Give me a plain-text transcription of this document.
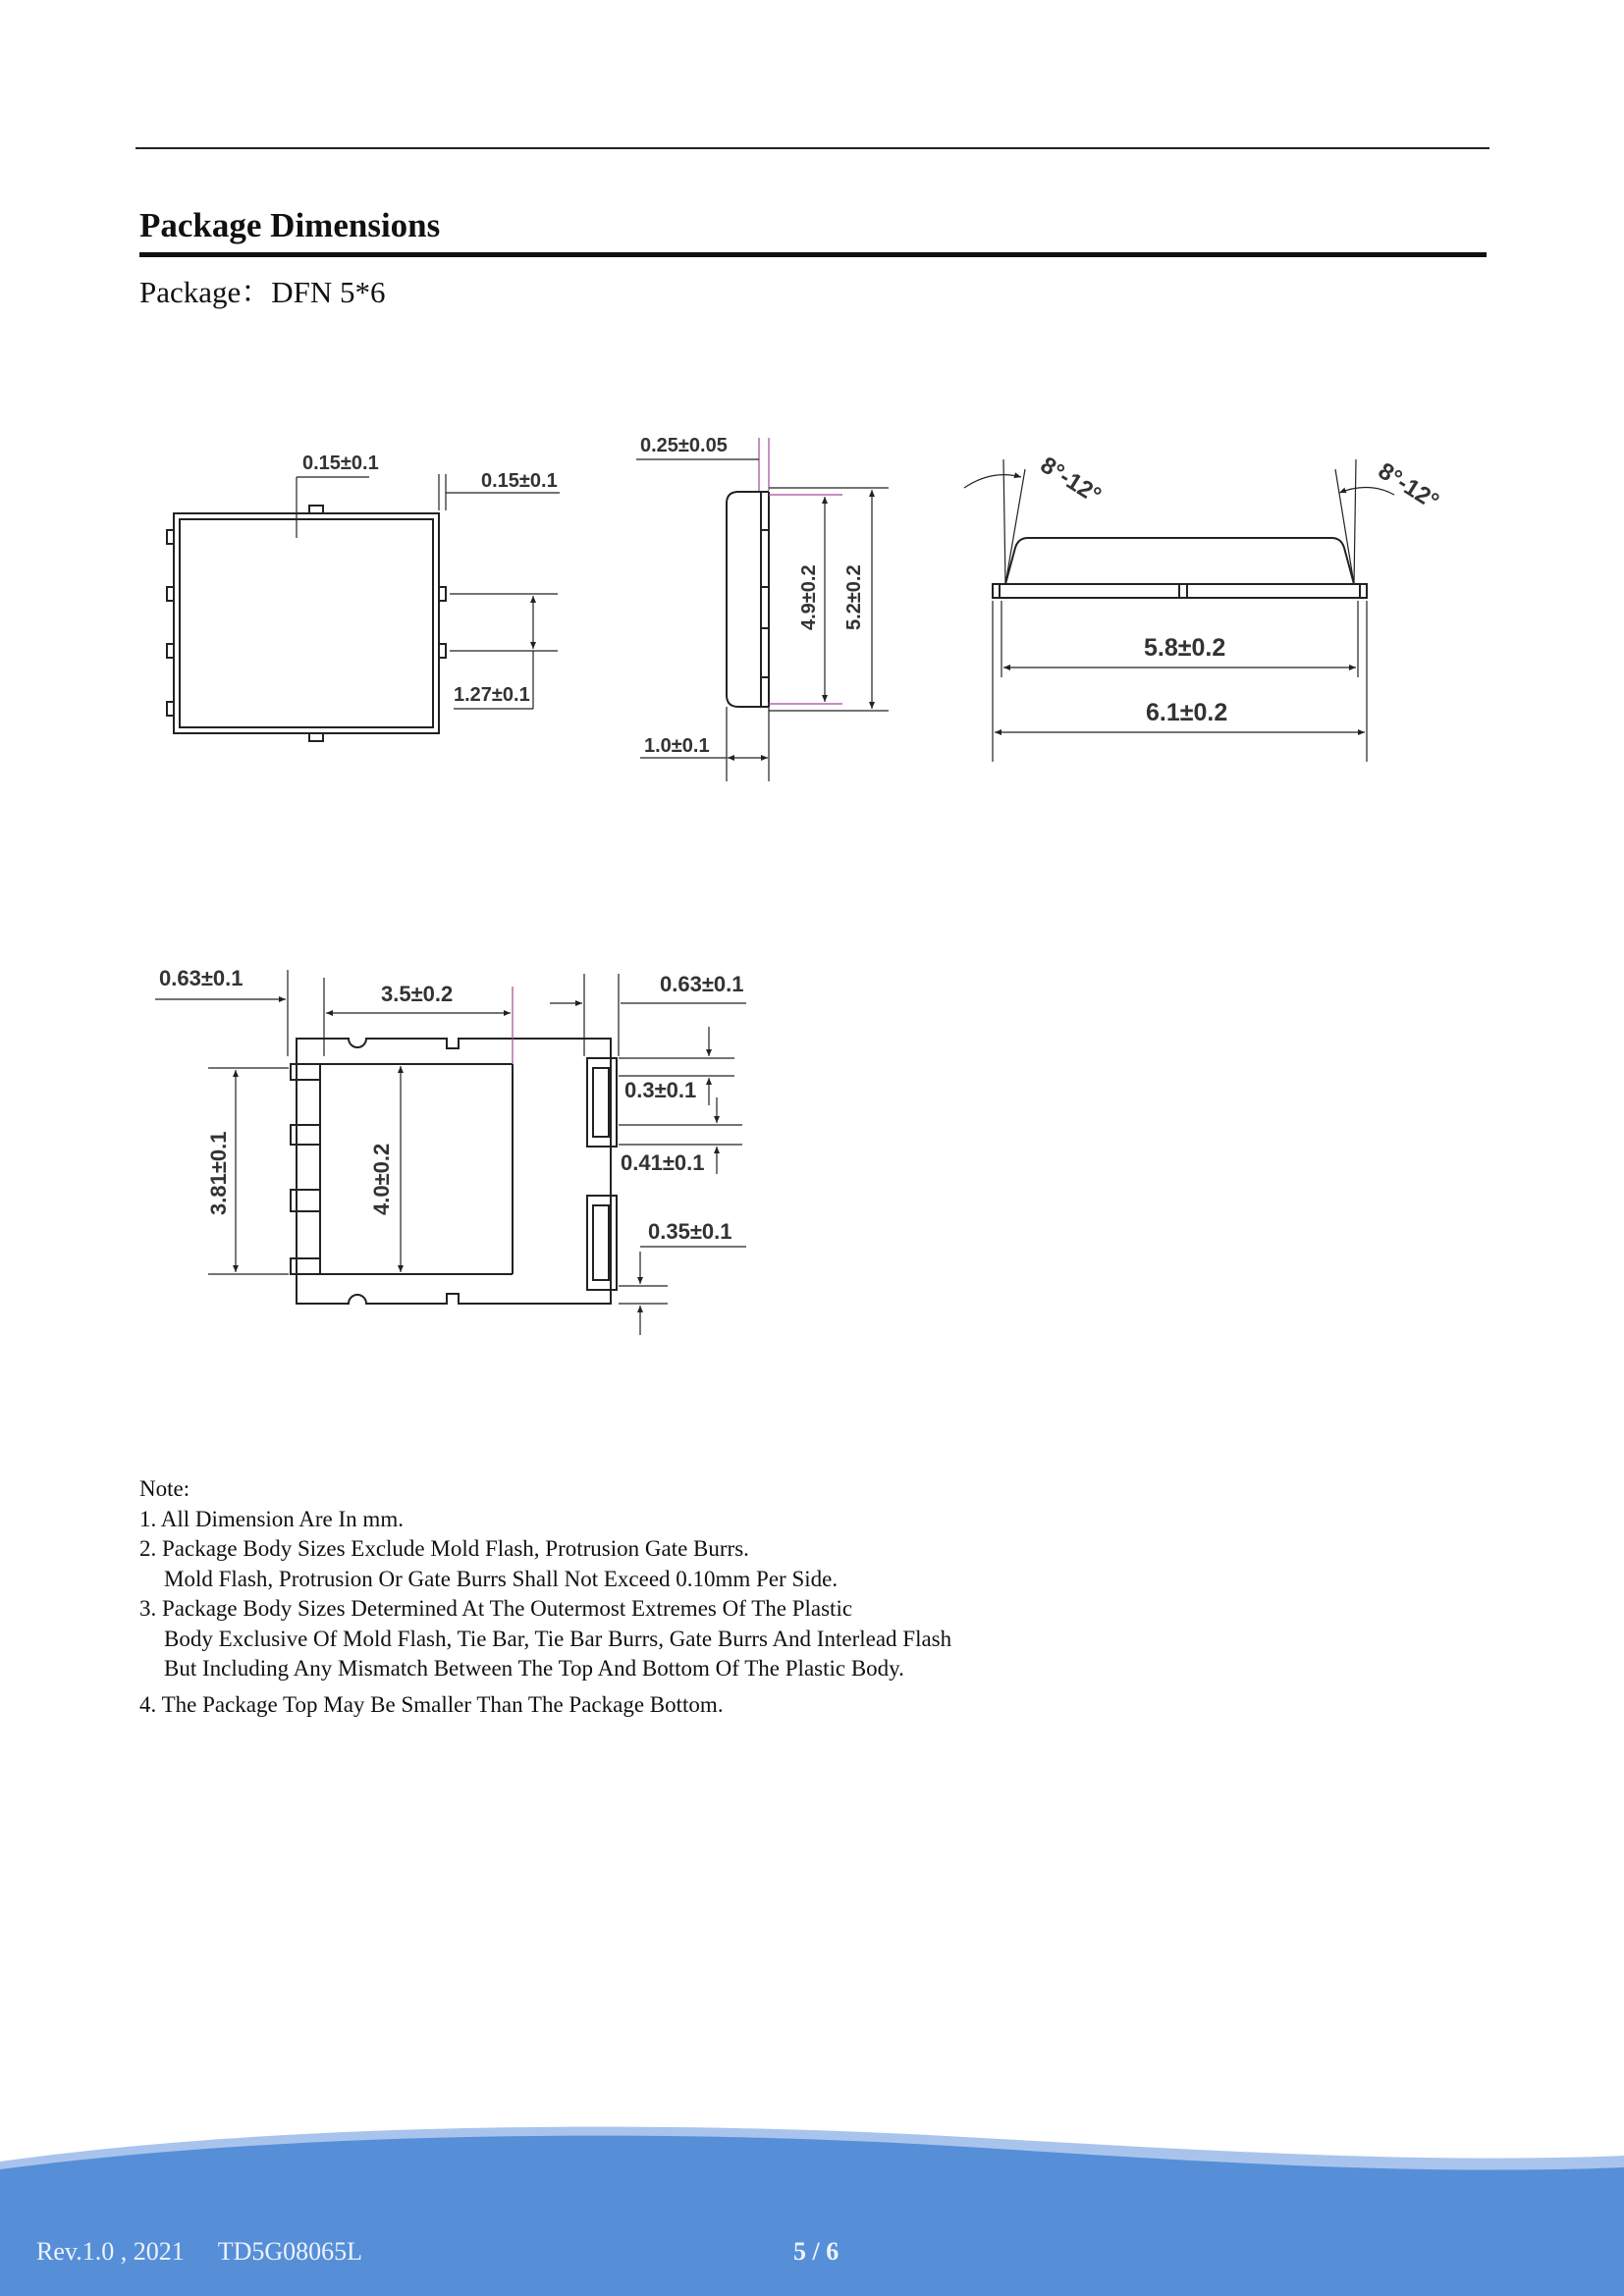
Package Dimensions
Package：DFN 5*6
0.15±0.1
0.15±0.1
1.27±0.1
0.25±0.05
4.9±0.2 5.2±0.2
1.0±0.1
8°-12°	8°-12°
5.8±0.2
6.1±0.2
0.63±0.1
3.5±0.2	0.63±0.1
0.3±0.1
0.41±0.1
0.35±0.1
3.81±0.1	4.0±0.2
Note:
1. All Dimension Are In mm.
2. Package Body Sizes Exclude Mold Flash, Protrusion Gate Burrs.
Mold Flash, Protrusion Or Gate Burrs Shall Not Exceed 0.10mm Per Side.
3. Package Body Sizes Determined At The Outermost Extremes Of The Plastic
Body Exclusive Of Mold Flash, Tie Bar, Tie Bar Burrs, Gate Burrs And Interlead Flash
But Including Any Mismatch Between The Top And Bottom Of The Plastic Body.
4. The Package Top May Be Smaller Than The Package Bottom.
Rev.1.0 , 2021 TD5G08065L	5 / 6
